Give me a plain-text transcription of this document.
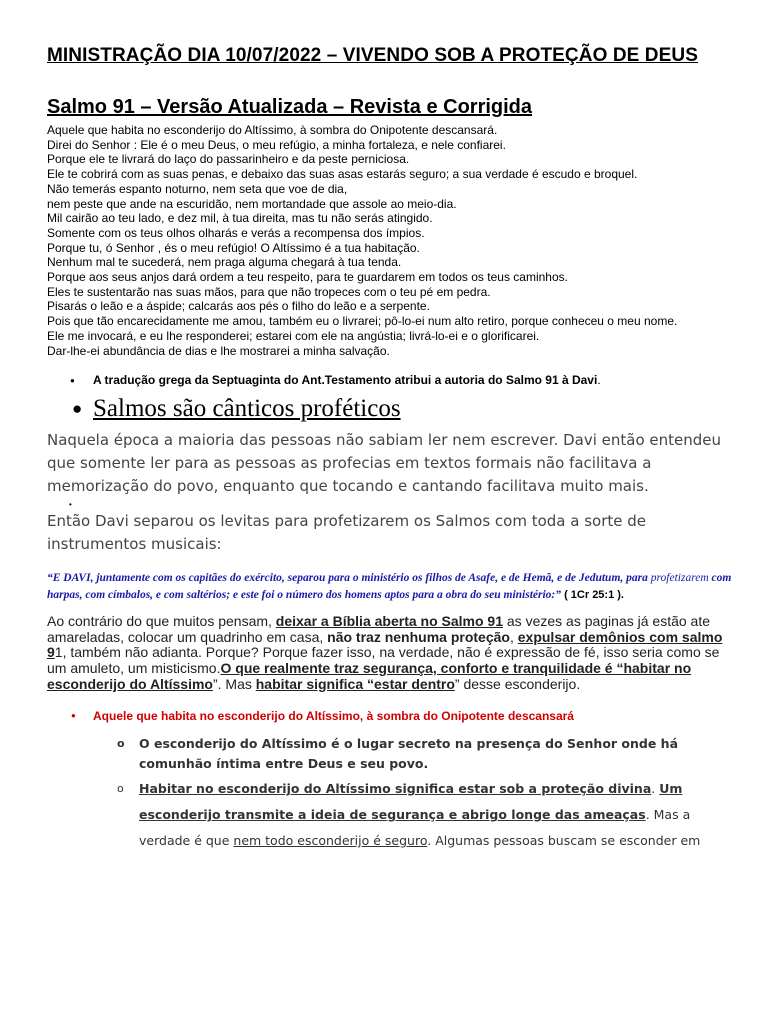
MINISTRAÇÃO DIA 10/07/2022 – VIVENDO SOB A PROTEÇÃO DE DEUS
Salmo 91 – Versão Atualizada – Revista e Corrigida
Aquele que habita no esconderijo do Altíssimo, à sombra do Onipotente descansará.
Direi do Senhor : Ele é o meu Deus, o meu refúgio, a minha fortaleza, e nele confiarei.
Porque ele te livrará do laço do passarinheiro e da peste perniciosa.
Ele te cobrirá com as suas penas, e debaixo das suas asas estarás seguro; a sua verdade é escudo e broquel.
Não temerás espanto noturno, nem seta que voe de dia,
nem peste que ande na escuridão, nem mortandade que assole ao meio-dia.
Mil cairão ao teu lado, e dez mil, à tua direita, mas tu não serás atingido.
Somente com os teus olhos olharás e verás a recompensa dos ímpios.
Porque tu, ó Senhor , és o meu refúgio! O Altíssimo é a tua habitação.
Nenhum mal te sucederá, nem praga alguma chegará à tua tenda.
Porque aos seus anjos dará ordem a teu respeito, para te guardarem em todos os teus caminhos.
Eles te sustentarão nas suas mãos, para que não tropeces com o teu pé em pedra.
Pisarás o leão e a áspide; calcarás aos pés o filho do leão e a serpente.
Pois que tão encarecidamente me amou, também eu o livrarei; pô-lo-ei num alto retiro, porque conheceu o meu nome.
Ele me invocará, e eu lhe responderei; estarei com ele na angústia; livrá-lo-ei e o glorificarei.
Dar-lhe-ei abundância de dias e lhe mostrarei a minha salvação.
● A tradução grega da Septuaginta do Ant.Testamento atribui a autoria do Salmo 91 à Davi.
● Salmos são cânticos proféticos

Naquela época a maioria das pessoas não sabiam ler nem escrever. Davi então entendeu que somente ler para as pessoas as profecias em textos formais não facilitava a memorização do povo, enquanto que tocando e cantando facilitava muito mais.

•

Então Davi separou os levitas para profetizarem os Salmos com toda a sorte de instrumentos musicais:

“E DAVI, juntamente com os capitães do exército, separou para o ministério os filhos de Asafe, e de Hemã, e de Jedutum, para profetizarem com harpas, com címbalos, e com saltérios; e este foi o número dos homens aptos para a obra do seu ministério:” ( 1Cr 25:1 ).

Ao contrário do que muitos pensam, deixar a Bíblia aberta no Salmo 91 as vezes as paginas já estão ate amareladas, colocar um quadrinho em casa, não traz nenhuma proteção, expulsar demônios com salmo 91, também não adianta. Porque? Porque fazer isso, na verdade, não é expressão de fé, isso seria como se um amuleto, um misticismo.O que realmente traz segurança, conforto e tranquilidade é “habitar no esconderijo do Altíssimo”. Mas habitar significa “estar dentro” desse esconderijo.

● Aquele que habita no esconderijo do Altíssimo, à sombra do Onipotente descansará
o O esconderijo do Altíssimo é o lugar secreto na presença do Senhor onde há comunhão íntima entre Deus e seu povo.
o Habitar no esconderijo do Altíssimo significa estar sob a proteção divina. Um esconderijo transmite a ideia de segurança e abrigo longe das ameaças. Mas a verdade é que nem todo esconderijo é seguro. Algumas pessoas buscam se esconder em
